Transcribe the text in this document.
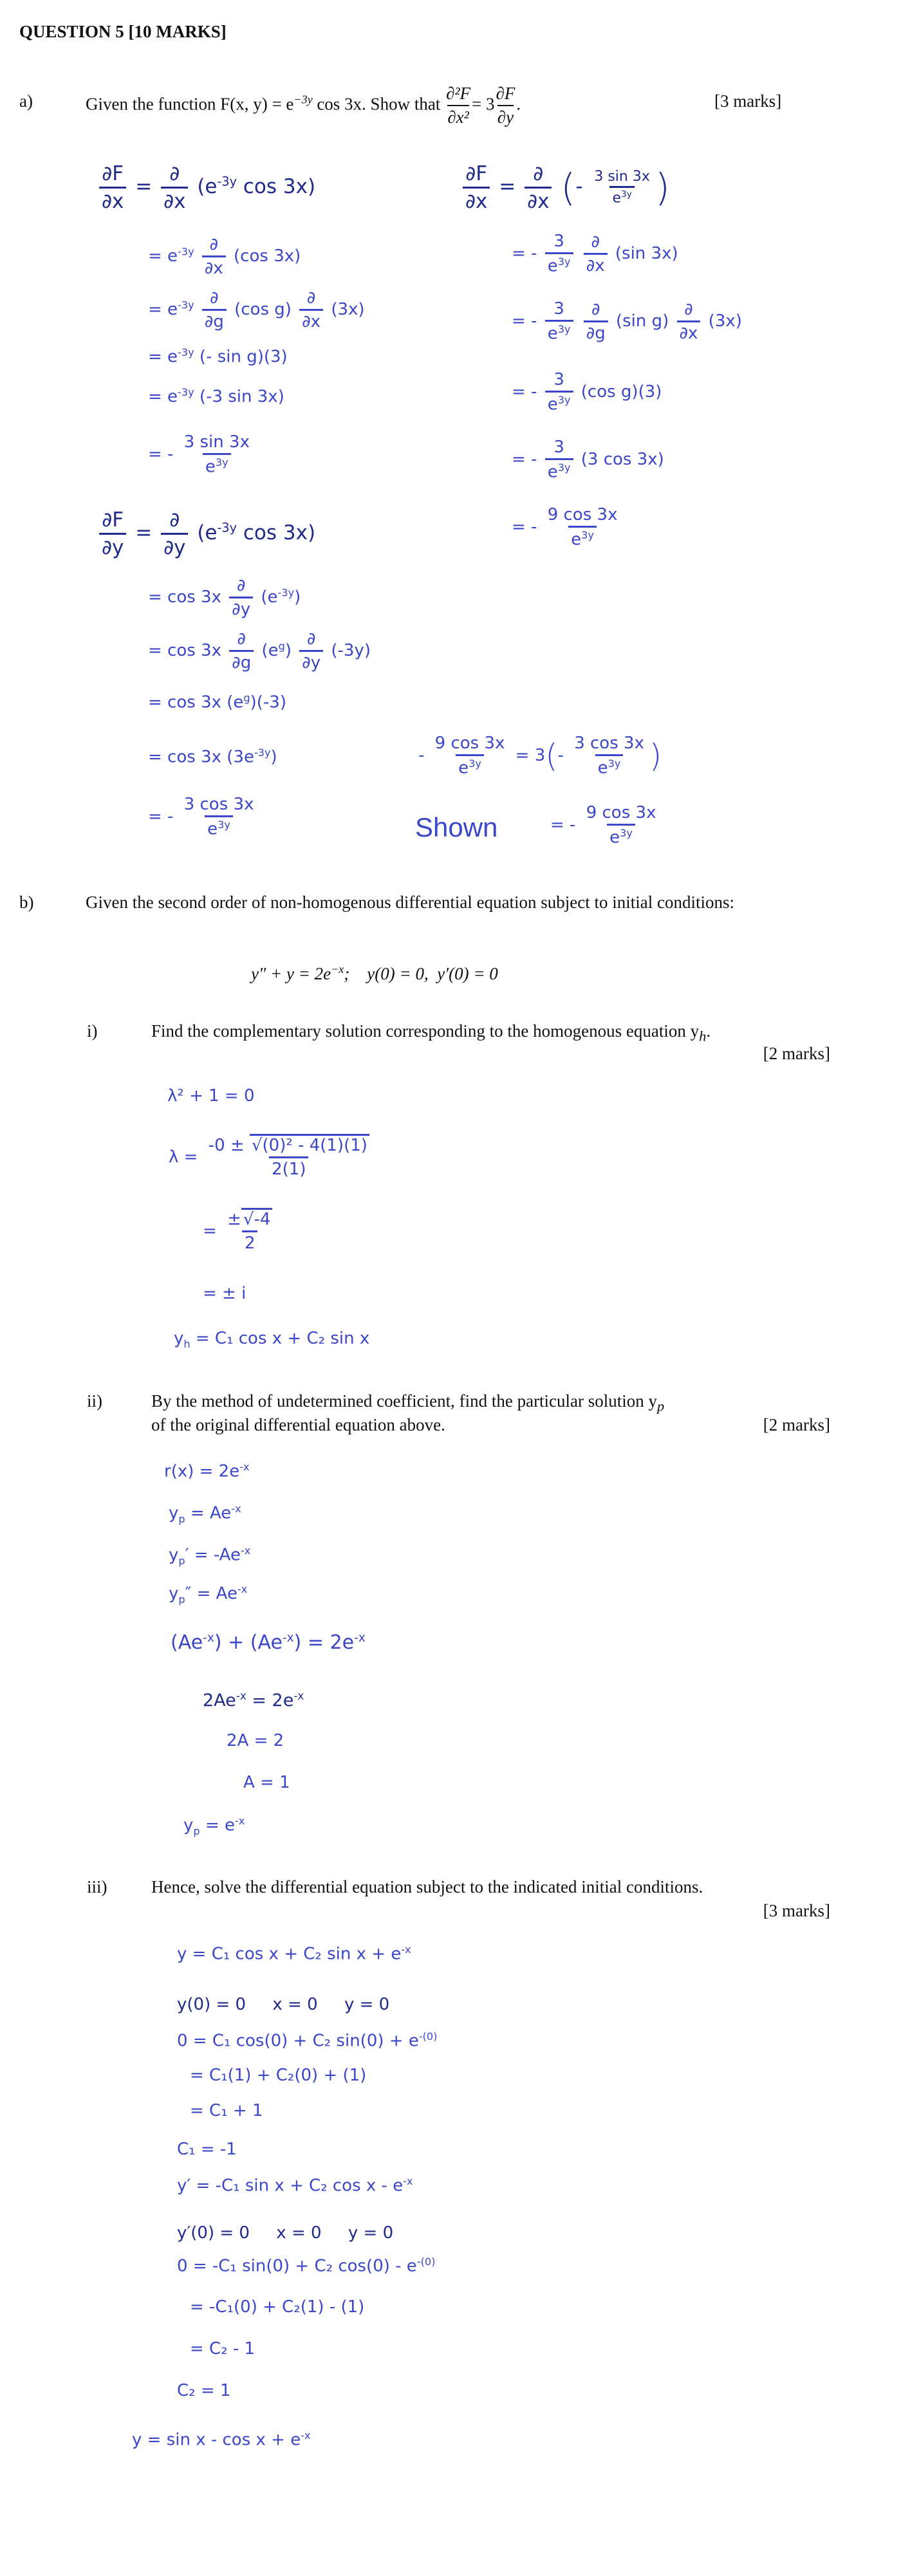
QUESTION 5 [10 MARKS]
a)	Given the function F(x, $y) = e^{-3y}$ cos 3x. Show that $\frac{\text{∂²F}}{\text{∂x²}} = 3 \frac{\partial F}{\partial y}$ .	[3 marks]
$\frac{\partial F}{\partial x} = \frac{\partial}{\partial x} (e^{-3y}$ cos 3x)
= $e^{-3y} \frac{\partial}{\partial x} (\cos$ 3x)
= $e^{-3y} \frac{\partial}{\partial g} (\cos$ $g) \frac{\partial}{\partial x} (3x)$
= $e^{-3y}$ (- sin g)(3)
= $e^{-3y}$ (-3 sin 3x)
= - $\frac{3 \sin 3x}{e^{3y}}$
$\frac{\partial F}{\partial y} = \frac{\partial}{\partial y} (e^{-3y}$ cos 3x)
= $\cos 3x \frac{\partial}{\partial y} (e^{-3y})$
= $\cos 3x \frac{\partial}{\partial g} (e^g) \frac{\partial}{\partial y} (-3y)$
= cos 3x $(e^g)(-3)$
= cos 3x $(3e^{-3y})$
= - $\frac{3 \cos 3x}{e^{3y}}$
$\frac{\partial F}{\partial x} = \frac{\partial}{\partial x}$ (- $\frac{3 \sin 3x}{e^{3y}}$ )
= - $\frac{3}{e^{3y}}$
$\frac{\partial}{\partial x} (\sin$ 3x)
= - $\frac{3}{e^{3y}}$
$\frac{\partial}{\partial g} (\sin$ $g) \frac{\partial}{\partial x} (3x)$
= - $\frac{3}{e^{3y}} (\cos$ g)(3)
= - $\frac{3}{e^{3y}} (3$ cos 3x)
= - $\frac{9 \cos 3x}{e^{3y}}$
- $\frac{9 \cos 3x}{e^{3y}} = 3(- \frac{3 \cos 3x}{e^{3y}}$ )
Shown	= - $\frac{9 \cos 3x}{e^{3y}}$
b)	Given the second order of non-homogenous differential equation subject to initial conditions:
$y'' + y = 2e^{-x}$;    y(0) = 0,  y′(0) = 0
i)	Find the complementary solution corresponding to the homogenous equation $y_h$.
[2 marks]
λ² + 1 = 0
$\lambda = \frac{\text{-0 ± √(0)² - 4(1)(1)}}{2(1)}$
= $\frac{\pm √-4}{2}$
= ± i
$y_h = C_1$ cos x + C₂ sin x
ii)	By the method of undetermined coefficient, find the particular solution $y_p$
of the original differential equation above.	[2 marks]
$r(x) = 2e^{-x}$
$y_p = Ae^{-x}$
$y_p' = -Ae^{-x}$
$y_p'' = Ae^{-x}$
$(Ae^{-x}) + (Ae^{-x}) = 2e^{-x}$
$2Ae^{-x} = 2e^{-x}$
2A = 2
A = 1
$y_p = e^{-x}$
iii)	Hence, solve the differential equation subject to the indicated initial conditions.
[3 marks]
y = C₁ cos x + C₂ $\sin x + e^{-x}$
y(0) = 0     x = 0     y = 0
0 = C₁ cos(0) + C₂ $\sin(0) + e^{-(0)}$
= C₁(1) + C₂(0) + (1)
= C₁ + 1
C₁ = -1
y′ = -C₁ sin x + C₂ cos x - $e^{-x}$
y′(0) = 0     x = 0     y = 0
0 = -C₁ sin(0) + C₂ $\cos(0) - e^{-(0)}$
= -C₁(0) + C₂(1) - (1)
= C₂ - 1
C₂ = 1
$y = \sin x - \cos x + e^{-x}$
